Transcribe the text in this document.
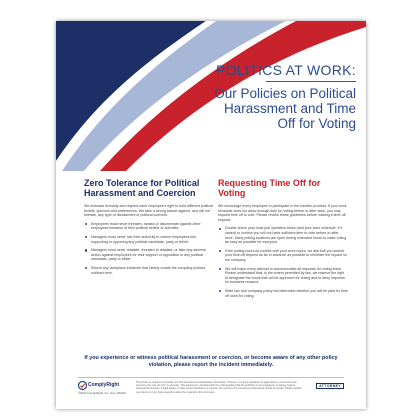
POLITICS AT WORK:
Our Policies on Political Harassment and Time Off for Voting
Zero Tolerance for Political Harassment and Coercion
We embrace diversity and respect each employee's right to hold different political beliefs, opinions and preferences. We take a strong stance against, and will not tolerate, any type of harassment or political coercion.
Employees must never threaten, harass or discriminate against other employees because of their political beliefs or activities.
Managers must never use their authority to coerce employees into supporting or opposing any political candidate, party or belief.
Managers must never retaliate, threaten to retaliate, or take any adverse action against employees for their support or opposition to any political candidate, party or belief.
Report any workplace incidents that clearly violate the company policies outlined here.
Requesting Time Off for Voting
We encourage every employee to participate in the election process. If your work schedule does not allow enough time for voting before or after work, you may request time off to vote. Please review these guidelines before making a time-off request:
Double-check your local poll operation times (and your work schedule, if it varied) to confirm you will not have sufficient time to vote before or after work. Many polling locations are open during extended hours to make voting as easy as possible for everyone.
If the polling hours do conflict with your work hours, we ask that you submit your time-off request as far in advance as possible to minimize the impact on the company.
We will make every attempt to accommodate all requests for voting leave. Please understand that, to the extent permitted by law, we reserve the right to designate the hours that will be approved for voting and to deny requests for business reasons.
State law and company policy will determine whether you will be paid for time off used for voting.
If you experience or witness political harassment or coercion, or become aware of any other policy violation, please report the incident immediately.
ComplyRight
©2020 ComplyRight, Inc. Item: W0440
This poster is designed to provide you with accurate and authoritative information. However, it is not a substitute for legal advice; you should seek counsel to be sure the form is accurate. This document is provided with the understanding that the publisher is not engaged in rendering legal or professional services. If legal advice or other expert assistance is required, the services of a competent professional should be sought. Please contact your attorney if you have questions about the material in this document.
ATTORNEY
